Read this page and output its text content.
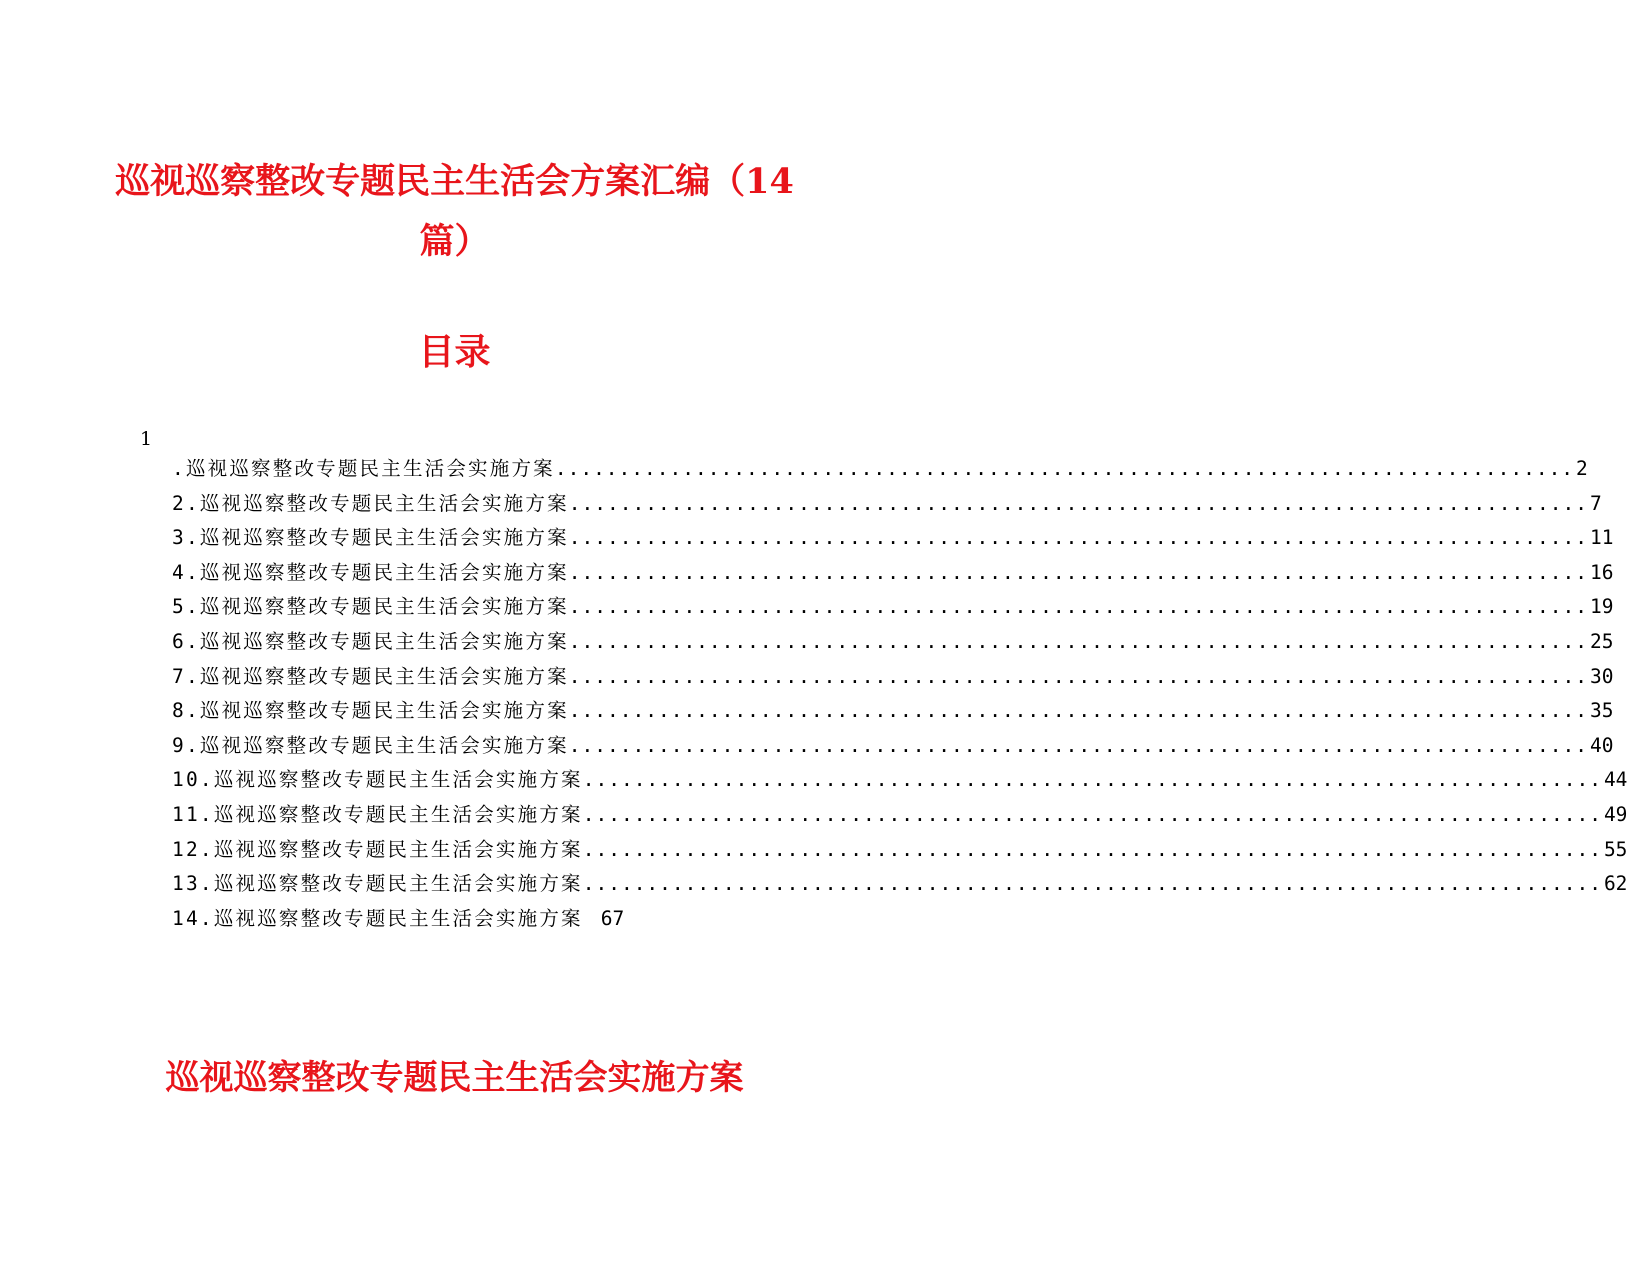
巡视巡察整改专题民主生活会方案汇编（14
篇）
目录
1
.巡视巡察整改专题民主生活会实施方案 ................................................................................ 2
2.巡视巡察整改专题民主生活会实施方案 ................................................................................ 7
3.巡视巡察整改专题民主生活会实施方案 ................................................................................ 11
4.巡视巡察整改专题民主生活会实施方案 ................................................................................ 16
5.巡视巡察整改专题民主生活会实施方案 ................................................................................ 19
6.巡视巡察整改专题民主生活会实施方案 ................................................................................ 25
7.巡视巡察整改专题民主生活会实施方案 ................................................................................ 30
8.巡视巡察整改专题民主生活会实施方案 ................................................................................ 35
9.巡视巡察整改专题民主生活会实施方案 ................................................................................ 40
10.巡视巡察整改专题民主生活会实施方案 ................................................................................ 44
11.巡视巡察整改专题民主生活会实施方案 ................................................................................ 49
12.巡视巡察整改专题民主生活会实施方案 ................................................................................ 55
13.巡视巡察整改专题民主生活会实施方案 ................................................................................ 62
14.巡视巡察整改专题民主生活会实施方案 67
巡视巡察整改专题民主生活会实施方案
